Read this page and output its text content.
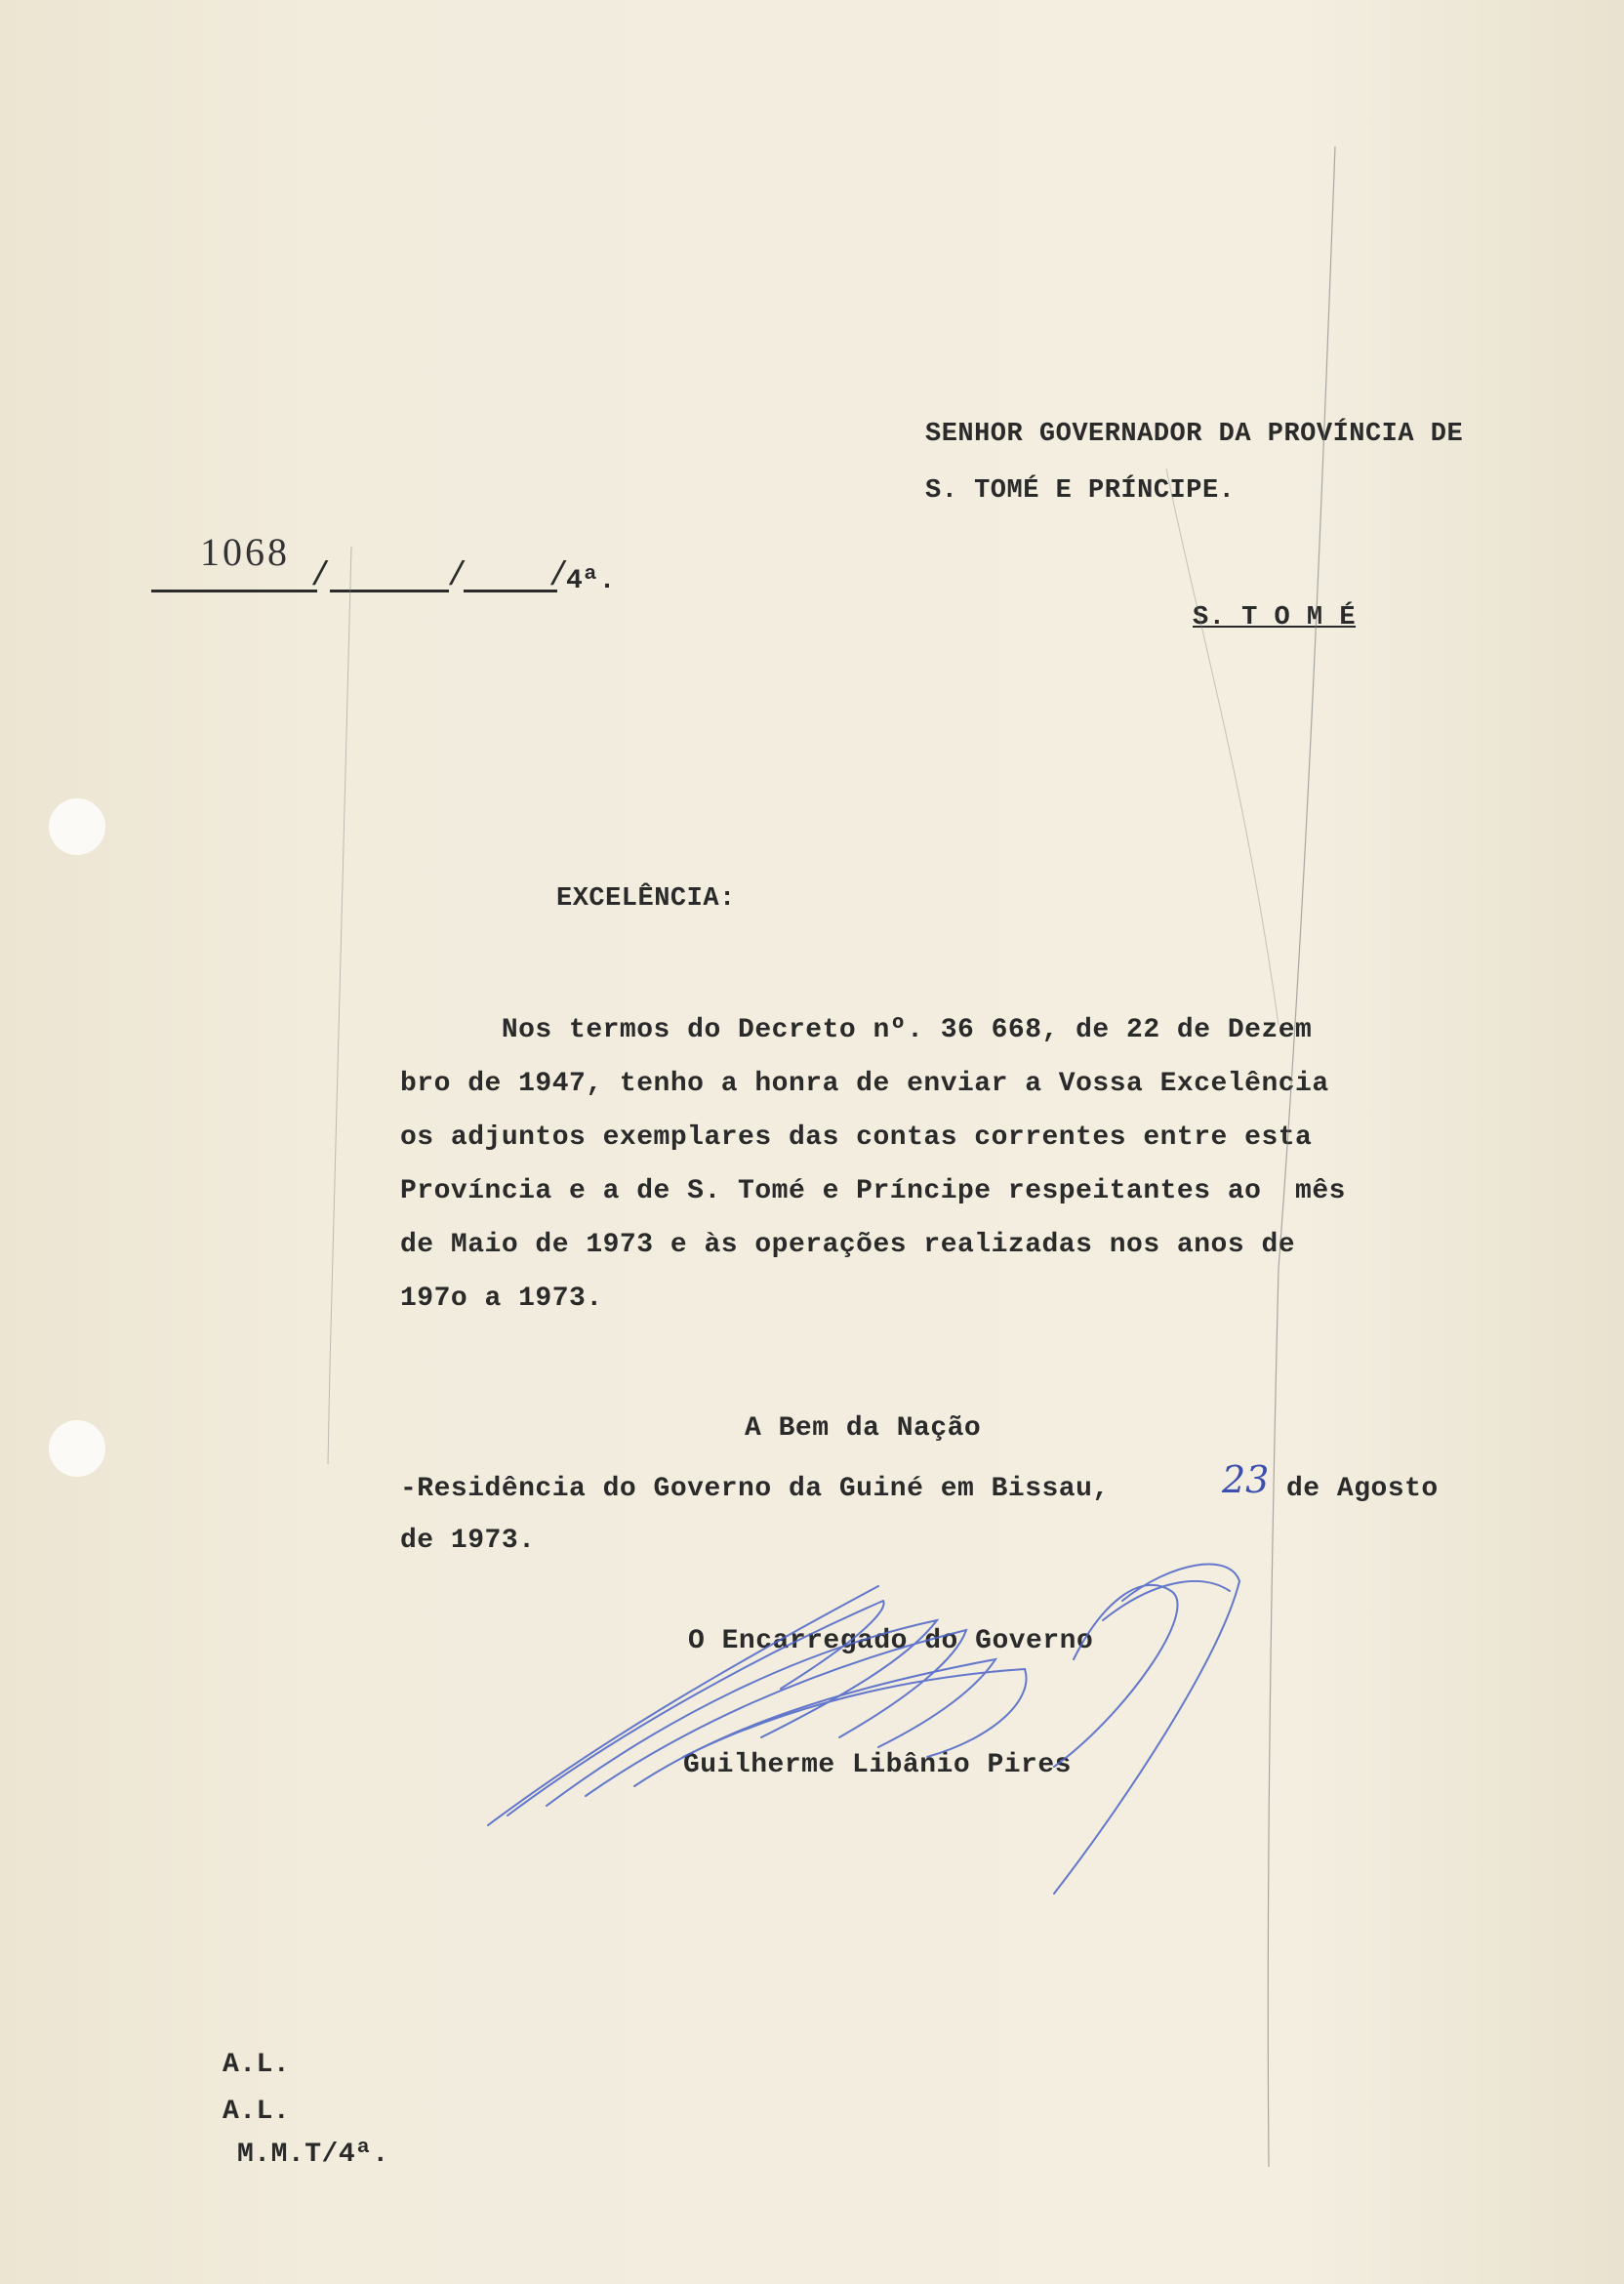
SENHOR GOVERNADOR DA PROVÍNCIA DE
S. TOMÉ E PRÍNCIPE.
S. T O M É
1068
/	/ /
4ª.
EXCELÊNCIA:
Nos termos do Decreto nº. 36 668, de 22 de Dezem
bro de 1947, tenho a honra de enviar a Vossa Excelência
os adjuntos exemplares das contas correntes entre esta
Província e a de S. Tomé e Príncipe respeitantes ao  mês
de Maio de 1973 e às operações realizadas nos anos de
197o a 1973.
A Bem da Nação
-Residência do Governo da Guiné em Bissau,	23 de Agosto
de 1973.
O Encarregado do Governo
Guilherme Libânio Pires
A.L.
A.L.
M.M.T/4ª.
